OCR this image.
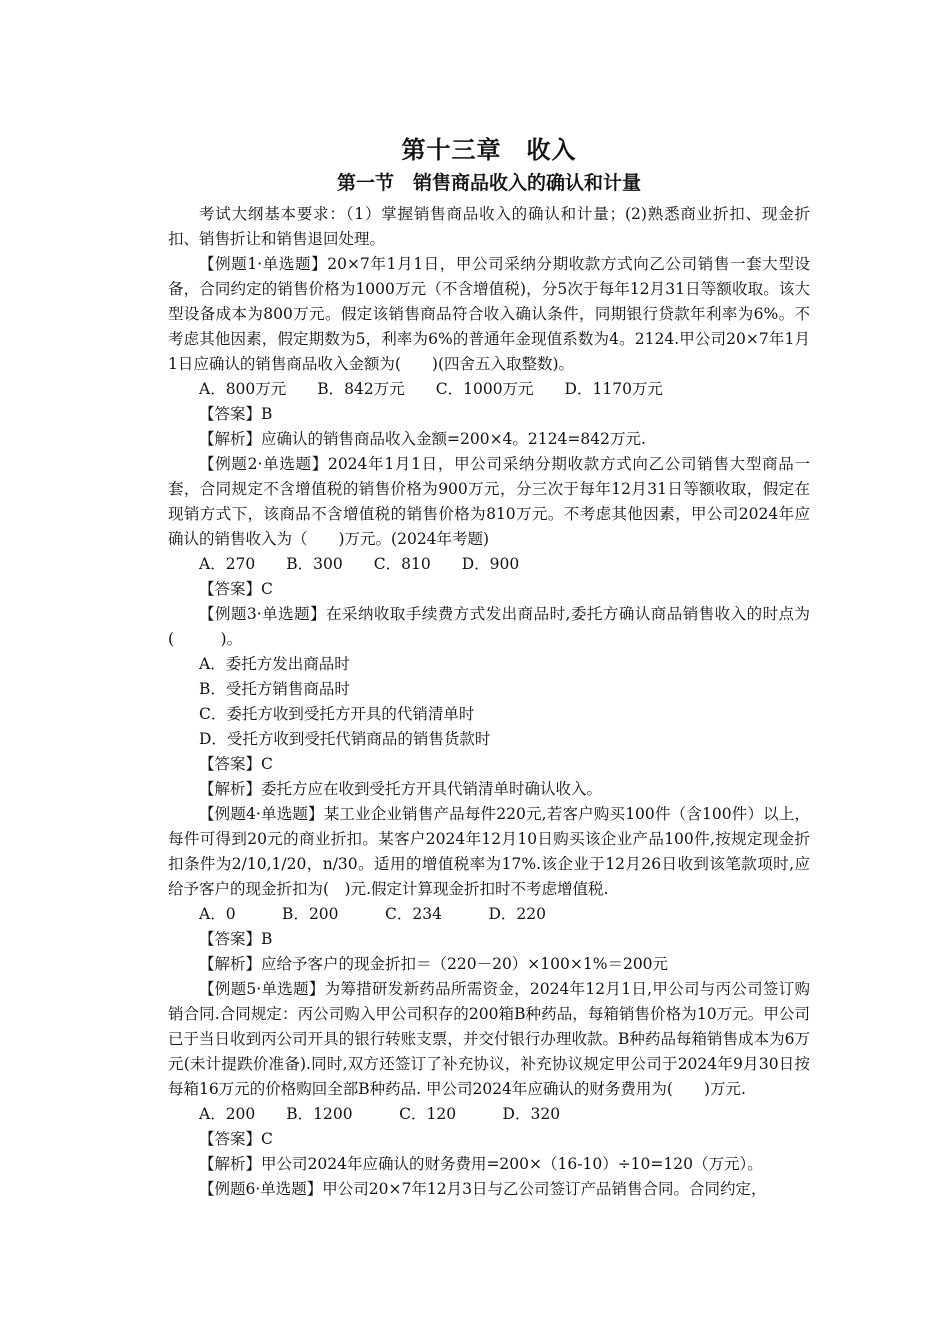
第十三章　收入
第一节　销售商品收入的确认和计量

考试大纲基本要求：（1）掌握销售商品收入的确认和计量；(2)熟悉商业折扣、现金折扣、销售折让和销售退回处理。

【例题1·单选题】20×7年1月1日，甲公司采纳分期收款方式向乙公司销售一套大型设备，合同约定的销售价格为1000万元（不含增值税)，分5次于每年12月31日等额收取。该大型设备成本为800万元。假定该销售商品符合收入确认条件，同期银行贷款年利率为6%。不考虑其他因素，假定期数为5，利率为6%的普通年金现值系数为4。2124.甲公司20×7年1月1日应确认的销售商品收入金额为(　　)(四舍五入取整数)。

A．800万元　　B．842万元　　C．1000万元　　D．1170万元

【答案】B

【解析】应确认的销售商品收入金额=200×4。2124=842万元.

【例题2·单选题】2024年1月1日，甲公司采纳分期收款方式向乙公司销售大型商品一套，合同规定不含增值税的销售价格为900万元，分三次于每年12月31日等额收取，假定在现销方式下，该商品不含增值税的销售价格为810万元。不考虑其他因素，甲公司2024年应确认的销售收入为（　　)万元。(2024年考题)

A．270　　B．300　　C．810　　D．900

【答案】C

【例题3·单选题】在采纳收取手续费方式发出商品时,委托方确认商品销售收入的时点为(　　　)。

A．委托方发出商品时

B．受托方销售商品时

C．委托方收到受托方开具的代销清单时

D．受托方收到受托代销商品的销售货款时

【答案】C

【解析】委托方应在收到受托方开具代销清单时确认收入。

【例题4·单选题】某工业企业销售产品每件220元,若客户购买100件（含100件）以上，每件可得到20元的商业折扣。某客户2024年12月10日购买该企业产品100件,按规定现金折扣条件为2/10,1/20，n/30。适用的增值税率为17%.该企业于12月26日收到该笔款项时,应给予客户的现金折扣为(　)元.假定计算现金折扣时不考虑增值税.

A．0　　　B．200　　　C．234　　　D．220

【答案】B

【解析】应给予客户的现金折扣＝（220－20）×100×1%＝200元

【例题5·单选题】为筹措研发新药品所需资金，2024年12月1日,甲公司与丙公司签订购销合同.合同规定：丙公司购入甲公司积存的200箱B种药品，每箱销售价格为10万元。甲公司已于当日收到丙公司开具的银行转账支票，并交付银行办理收款。B种药品每箱销售成本为6万元(未计提跌价准备).同时,双方还签订了补充协议，补充协议规定甲公司于2024年9月30日按每箱16万元的价格购回全部B种药品. 甲公司2024年应确认的财务费用为(　　)万元.

A．200　　B．1200　　　C．120　　　D．320

【答案】C

【解析】甲公司2024年应确认的财务费用=200×（16-10）÷10=120（万元）。

【例题6·单选题】甲公司20×7年12月3日与乙公司签订产品销售合同。合同约定，
